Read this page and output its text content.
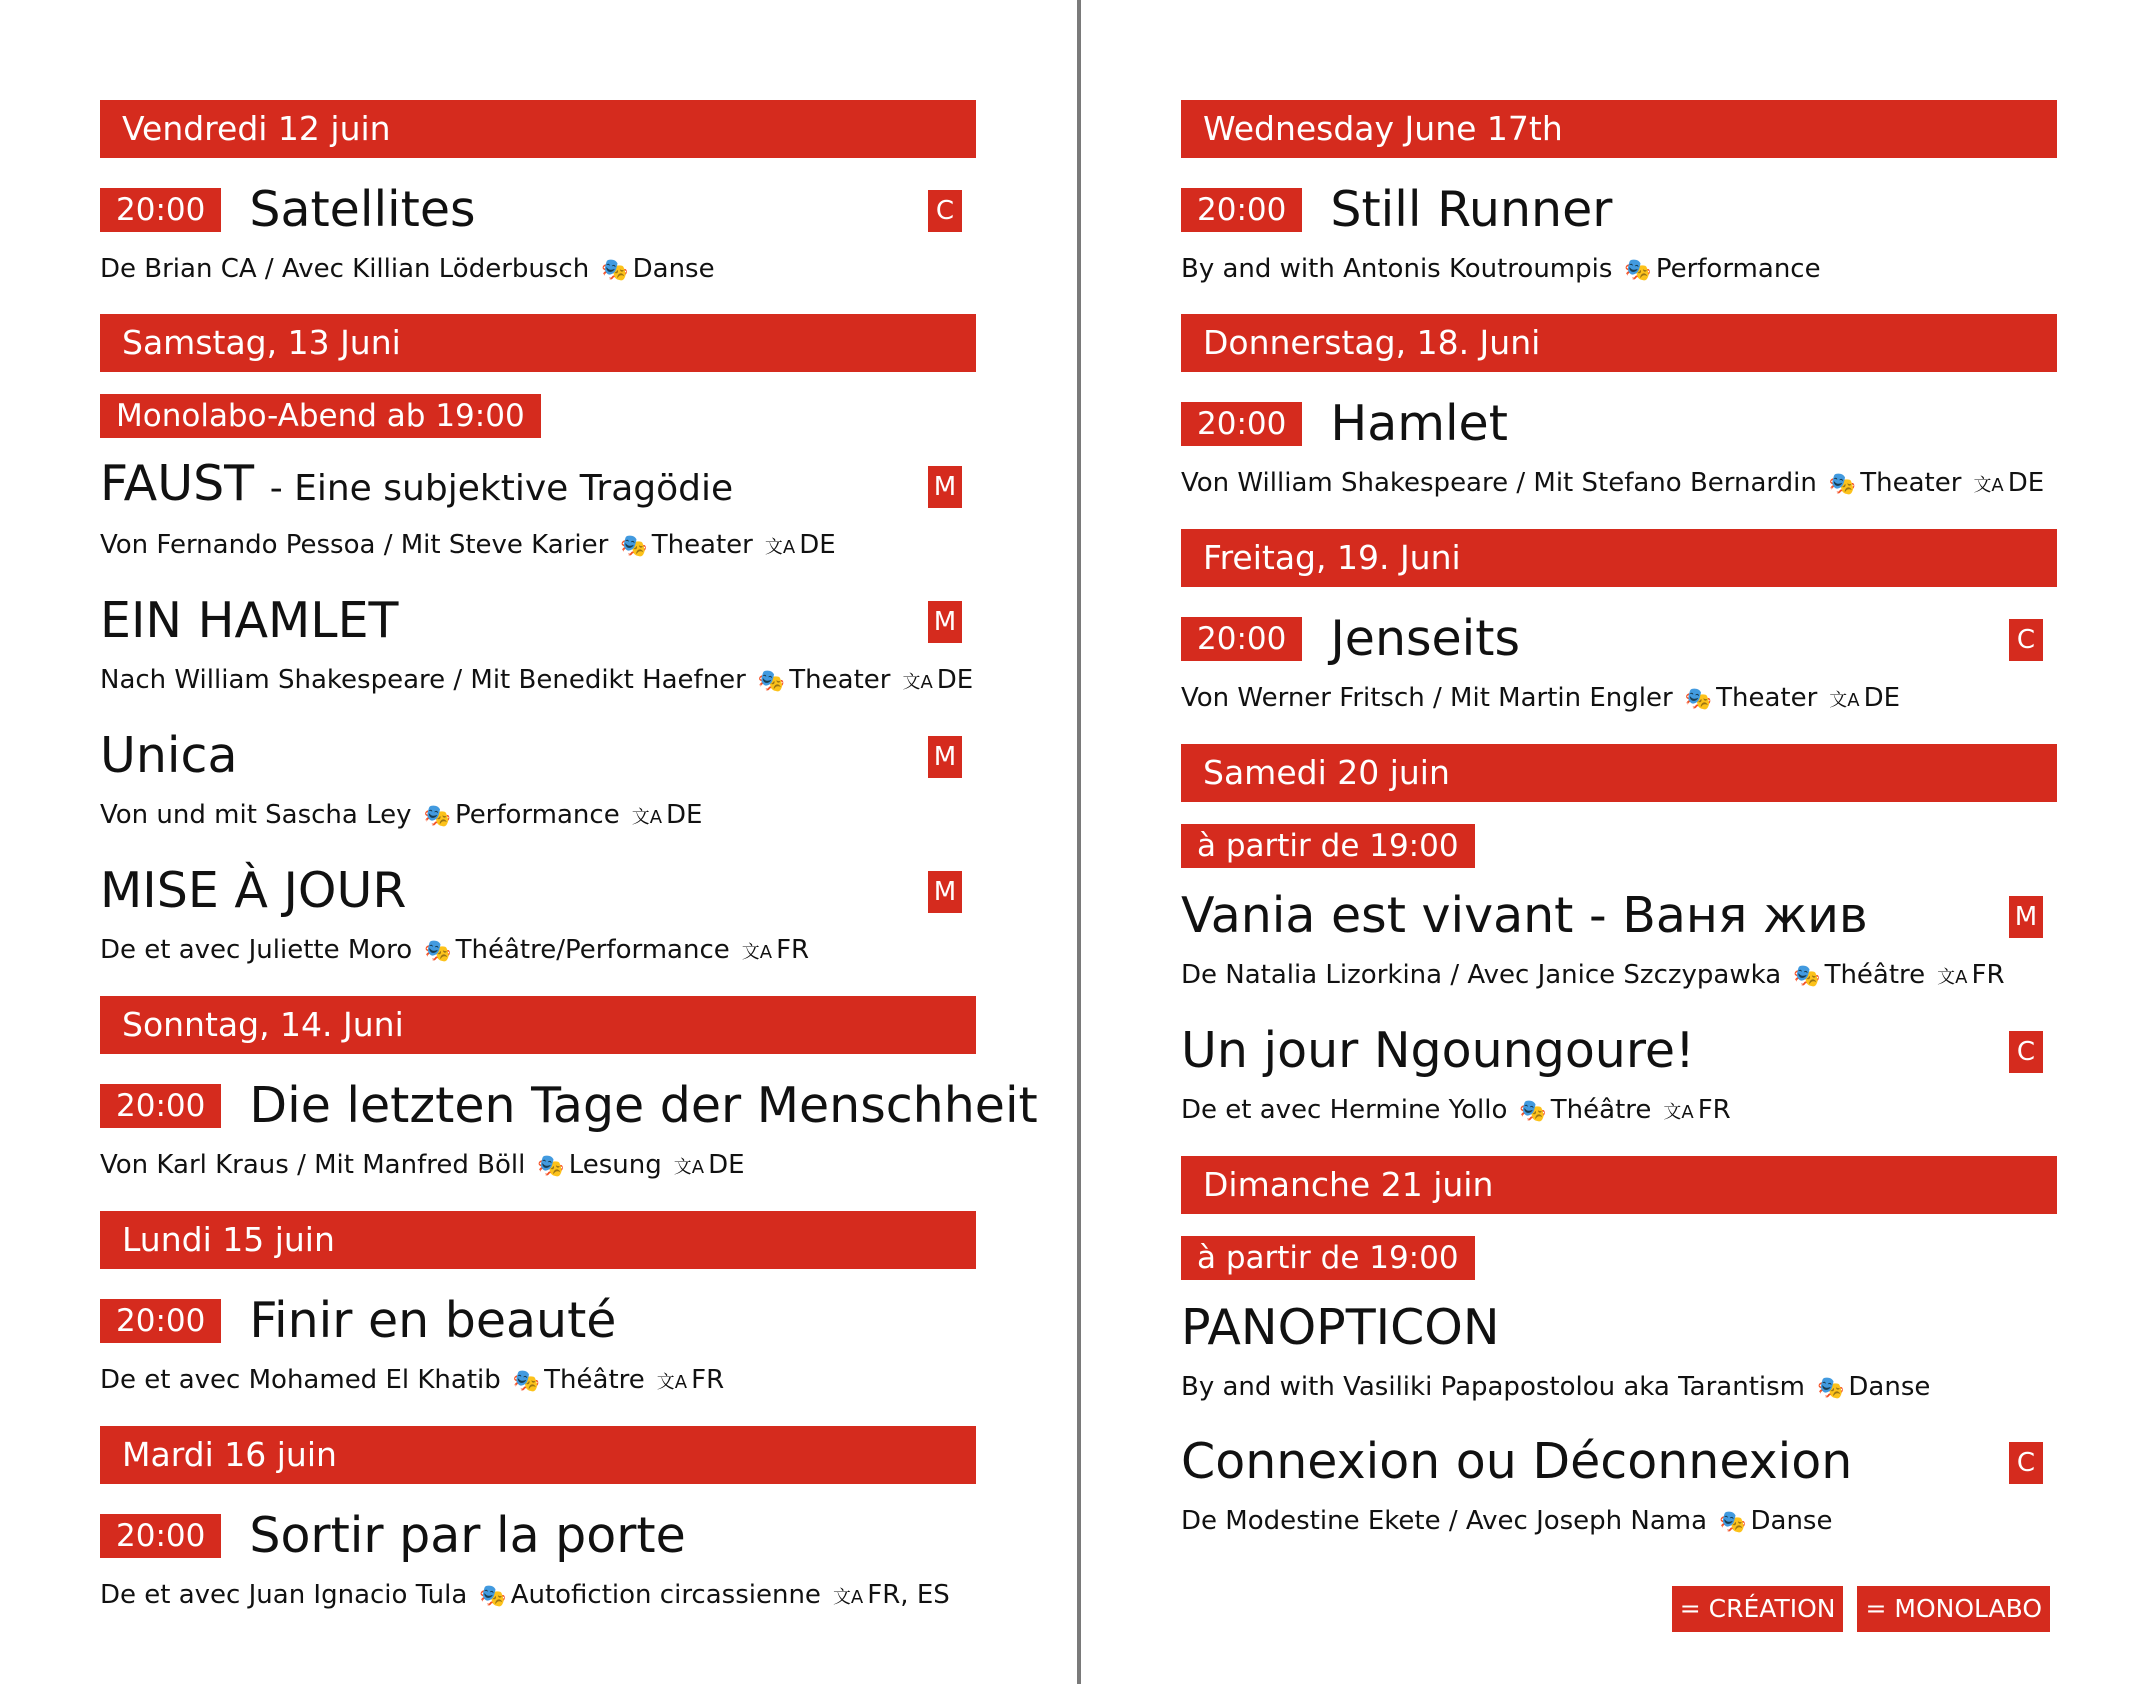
Vendredi 12 juin
20:00 Satellites	C
De Brian CA / Avec Killian Löderbusch 🎭 Danse
Samstag, 13 Juni
Monolabo-Abend ab 19:00
FAUST - Eine subjektive Tragödie	M
Von Fernando Pessoa / Mit Steve Karier 🎭 Theater 文A DE
EIN HAMLET	M
Nach William Shakespeare / Mit Benedikt Haefner 🎭 Theater 文A DE
Unica	M
Von und mit Sascha Ley 🎭 Performance 文A DE
MISE À JOUR	M
De et avec Juliette Moro 🎭 Théâtre/Performance 文A FR
Sonntag, 14. Juni
20:00 Die letzten Tage der Menschheit
Von Karl Kraus / Mit Manfred Böll 🎭 Lesung 文A DE
Lundi 15 juin
20:00 Finir en beauté
De et avec Mohamed El Khatib 🎭 Théâtre 文A FR
Mardi 16 juin
20:00 Sortir par la porte
De et avec Juan Ignacio Tula 🎭 Autofiction circassienne 文A FR, ES
Wednesday June 17th
20:00 Still Runner
By and with Antonis Koutroumpis 🎭 Performance
Donnerstag, 18. Juni
20:00 Hamlet
Von William Shakespeare / Mit Stefano Bernardin 🎭 Theater 文A DE
Freitag, 19. Juni
20:00 Jenseits	C
Von Werner Fritsch / Mit Martin Engler 🎭 Theater 文A DE
Samedi 20 juin
à partir de 19:00
Vania est vivant - Ваня жив	M
De Natalia Lizorkina / Avec Janice Szczypawka 🎭 Théâtre 文A FR
Un jour Ngoungoure!	C
De et avec Hermine Yollo 🎭 Théâtre 文A FR
Dimanche 21 juin
à partir de 19:00
PANOPTICON
By and with Vasiliki Papapostolou aka Tarantism 🎭 Danse
Connexion ou Déconnexion	C
De Modestine Ekete / Avec Joseph Nama 🎭 Danse
= CRÉATION	= MONOLABO
